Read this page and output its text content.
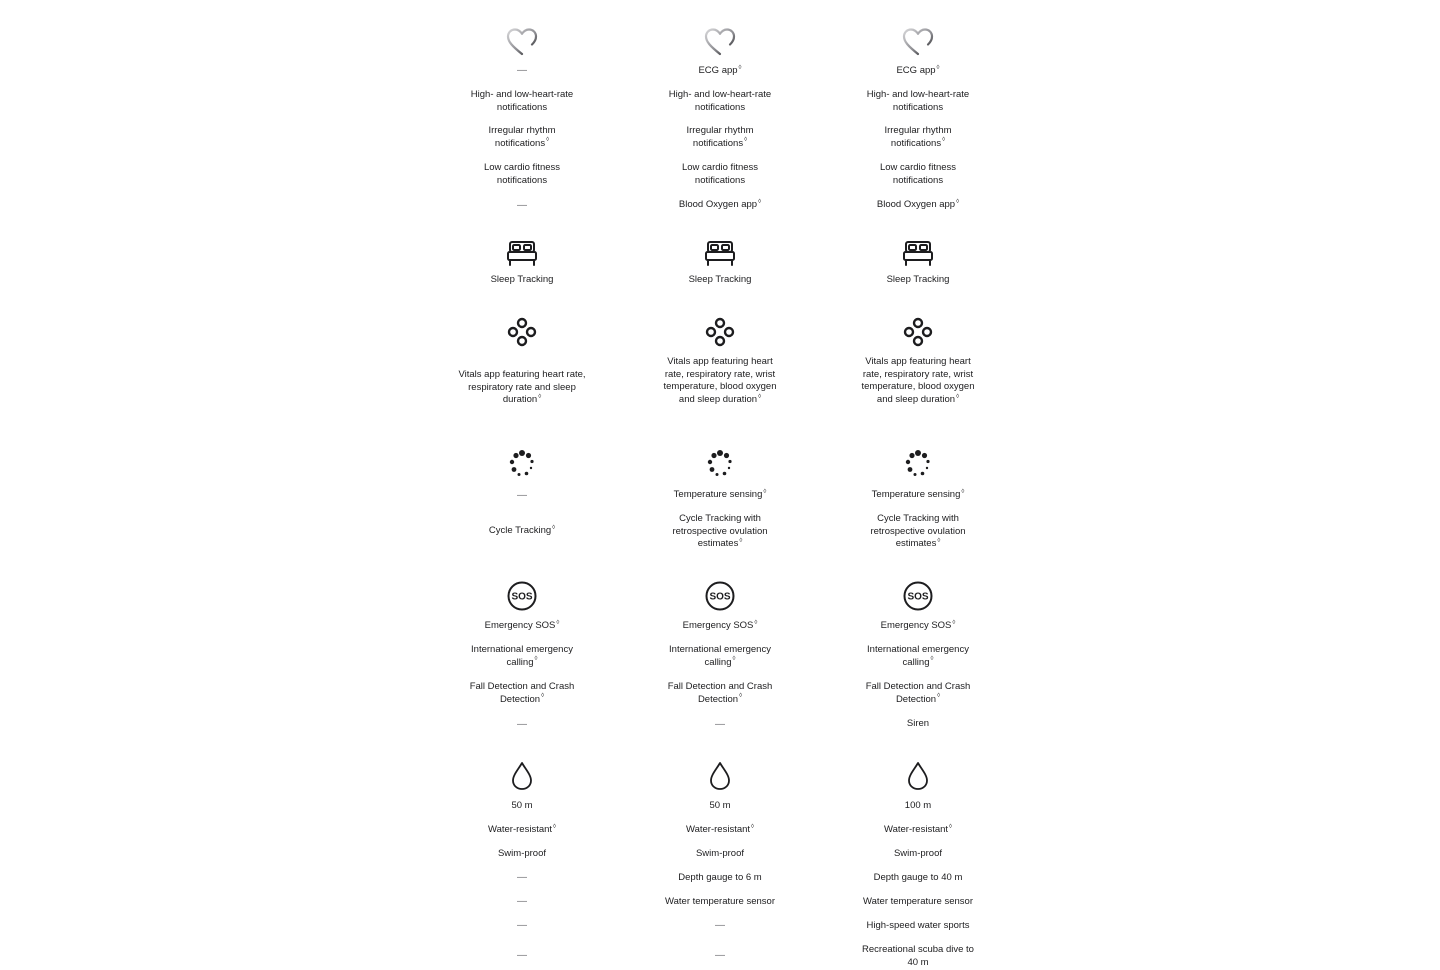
—
High- and low-heart-rate notifications
Irregular rhythm notifications◊
Low cardio fitness notifications
—
Sleep Tracking
Vitals app featuring heart rate, respiratory rate and sleep duration◊
—
Cycle Tracking◊
SOS
Emergency SOS◊
International emergency calling◊
Fall Detection and Crash Detection◊
—
50 m
Water-resistant◊
Swim-proof
—
—
—
—
ECG app◊
High- and low-heart-rate notifications
Irregular rhythm notifications◊
Low cardio fitness notifications
Blood Oxygen app◊
Sleep Tracking
Vitals app featuring heart rate, respiratory rate, wrist temperature, blood oxygen and sleep duration◊
Temperature sensing◊
Cycle Tracking with retrospective ovulation estimates◊
SOS
Emergency SOS◊
International emergency calling◊
Fall Detection and Crash Detection◊
—
50 m
Water-resistant◊
Swim-proof
Depth gauge to 6 m
Water temperature sensor
—
—
ECG app◊
High- and low-heart-rate notifications
Irregular rhythm notifications◊
Low cardio fitness notifications
Blood Oxygen app◊
Sleep Tracking
Vitals app featuring heart rate, respiratory rate, wrist temperature, blood oxygen and sleep duration◊
Temperature sensing◊
Cycle Tracking with retrospective ovulation estimates◊
SOS
Emergency SOS◊
International emergency calling◊
Fall Detection and Crash Detection◊
Siren
100 m
Water-resistant◊
Swim-proof
Depth gauge to 40 m
Water temperature sensor
High-speed water sports
Recreational scuba dive to 40 m
